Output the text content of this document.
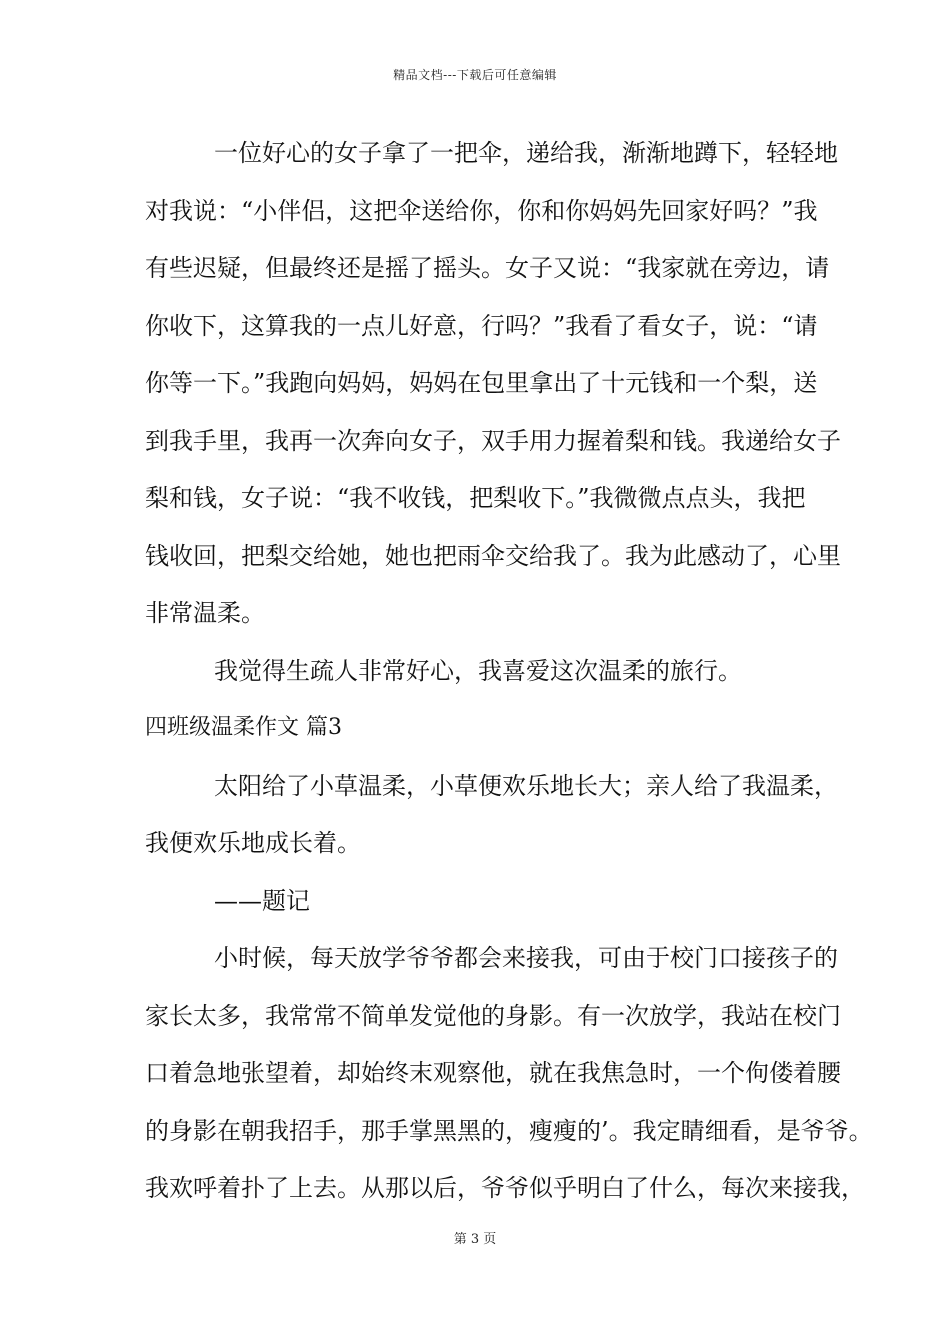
精品文档---下载后可任意编辑
一位好心的女子拿了一把伞，递给我，渐渐地蹲下，轻轻地
对我说：“小伴侣，这把伞送给你，你和你妈妈先回家好吗？”我
有些迟疑，但最终还是摇了摇头。女子又说：“我家就在旁边，请
你收下，这算我的一点儿好意，行吗？”我看了看女子，说：“请
你等一下。”我跑向妈妈，妈妈在包里拿出了十元钱和一个梨，送
到我手里，我再一次奔向女子，双手用力握着梨和钱。我递给女子
梨和钱，女子说：“我不收钱，把梨收下。”我微微点点头，我把
钱收回，把梨交给她，她也把雨伞交给我了。我为此感动了，心里
非常温柔。
我觉得生疏人非常好心，我喜爱这次温柔的旅行。
四班级温柔作文 篇3
太阳给了小草温柔，小草便欢乐地长大；亲人给了我温柔，
我便欢乐地成长着。
——题记
小时候，每天放学爷爷都会来接我，可由于校门口接孩子的
家长太多，我常常不简单发觉他的身影。有一次放学，我站在校门
口着急地张望着，却始终末观察他，就在我焦急时，一个佝偻着腰
的身影在朝我招手，那手掌黑黑的，瘦瘦的’。我定睛细看，是爷爷。
我欢呼着扑了上去。从那以后，爷爷似乎明白了什么，每次来接我，
第 3 页
